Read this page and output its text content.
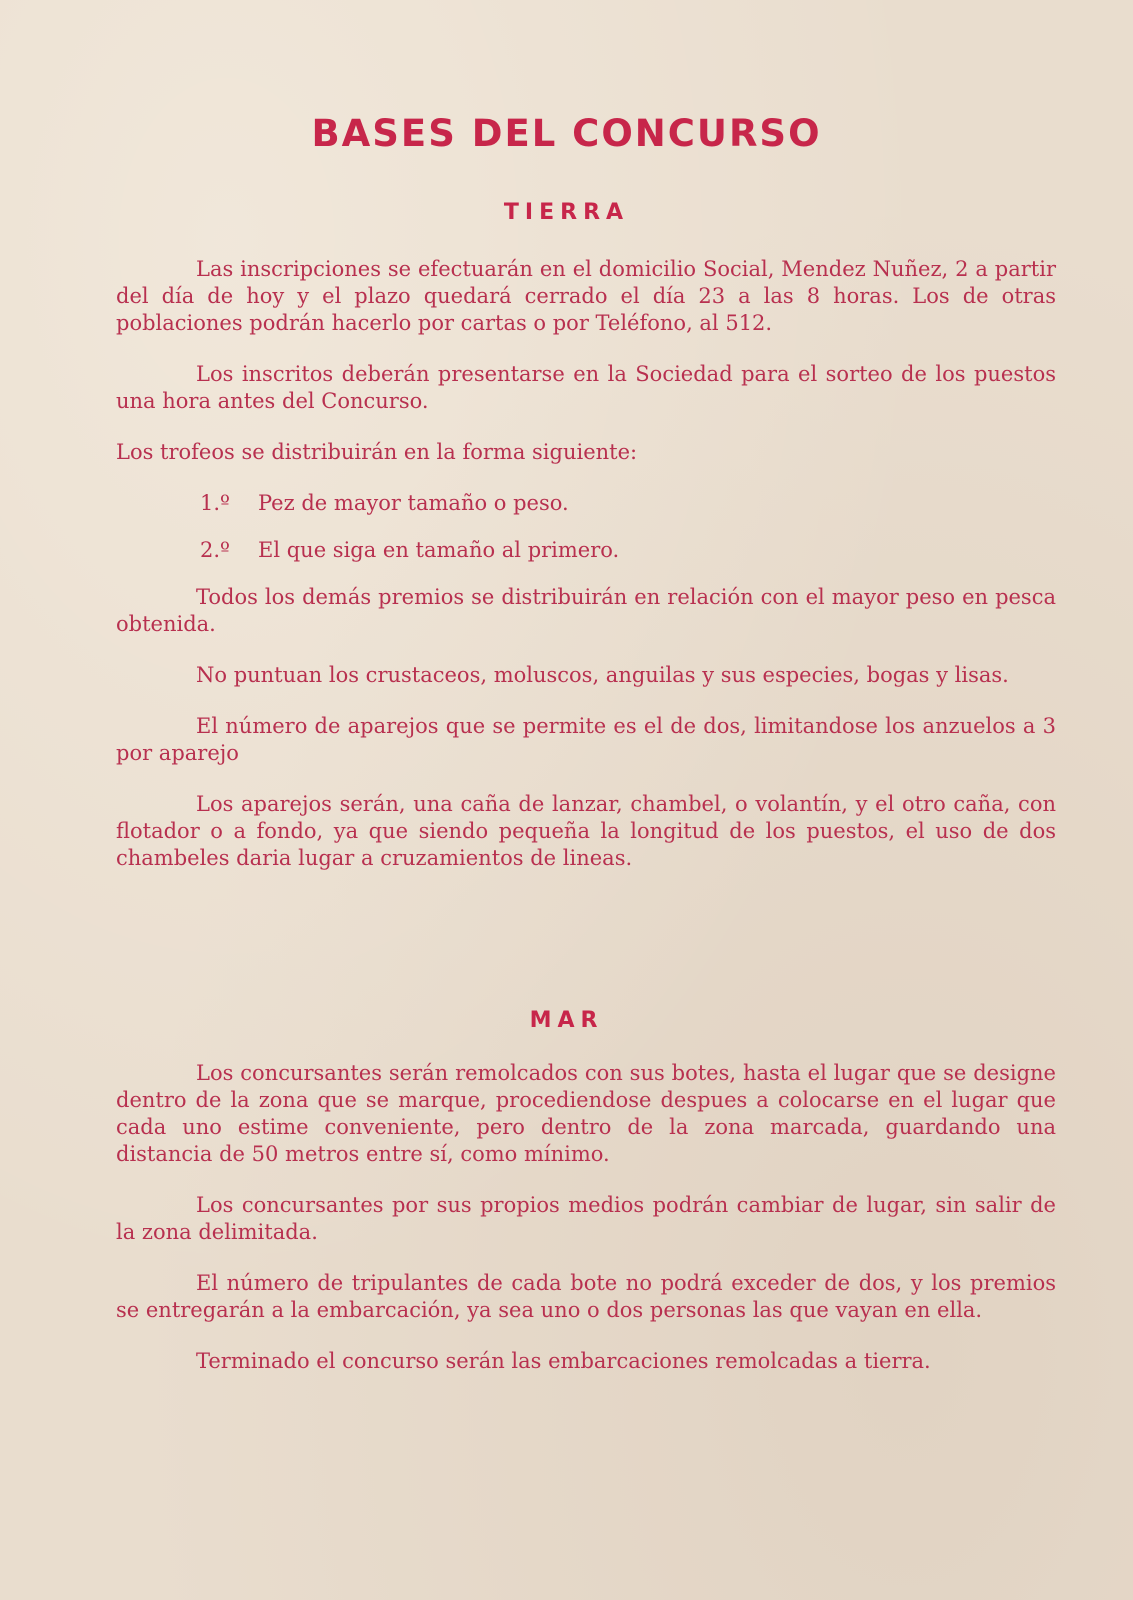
BASES DEL CONCURSO
TIERRA

Las inscripciones se efectuarán en el domicilio Social, Mendez Nuñez, 2 a partir del día de hoy y el plazo quedará cerrado el día 23 a las 8 horas. Los de otras poblaciones podrán hacerlo por cartas o por Teléfono, al 512.

Los inscritos deberán presentarse en la Sociedad para el sorteo de los puestos una hora antes del Concurso.

Los trofeos se distribuirán en la forma siguiente:

1.º Pez de mayor tamaño o peso.
2.º El que siga en tamaño al primero.

Todos los demás premios se distribuirán en relación con el mayor peso en pesca obtenida.

No puntuan los crustaceos, moluscos, anguilas y sus especies, bogas y lisas.

El número de aparejos que se permite es el de dos, limitandose los anzuelos a 3 por aparejo

Los aparejos serán, una caña de lanzar, chambel, o volantín, y el otro caña, con flotador o a fondo, ya que siendo pequeña la longitud de los puestos, el uso de dos chambeles daria lugar a cruzamientos de lineas.

MAR

Los concursantes serán remolcados con sus botes, hasta el lugar que se designe dentro de la zona que se marque, procediendose despues a colocarse en el lugar que cada uno estime conveniente, pero dentro de la zona marcada, guardando una distancia de 50 metros entre sí, como mínimo.

Los concursantes por sus propios medios podrán cambiar de lugar, sin salir de la zona delimitada.

El número de tripulantes de cada bote no podrá exceder de dos, y los premios se entregarán a la embarcación, ya sea uno o dos personas las que vayan en ella.

Terminado el concurso serán las embarcaciones remolcadas a tierra.
